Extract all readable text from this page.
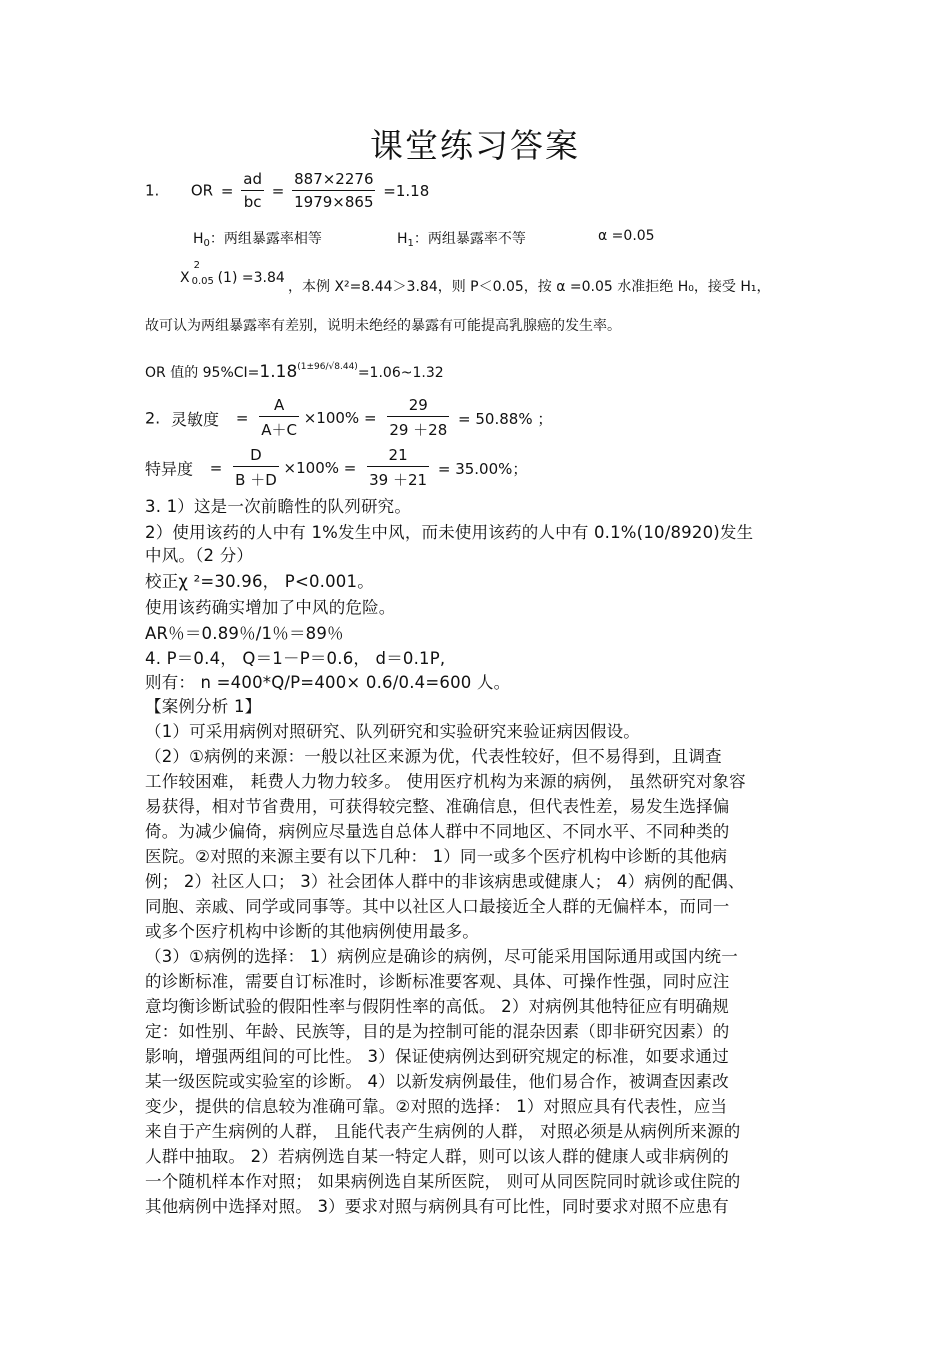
课堂练习答案
1. OR = $\frac{ad}{bc} = \frac{887\times 2276}{1979\times 865} =1.18$
$H_0$：两组暴露率相等	$H_1$：两组暴露率不等	α =0.05
X
2
0.05 (1) =3.84
，本例 X²=8.44＞3.84，则 P＜0.05，按 α =0.05 水准拒绝 H₀，接受 H₁，
故可认为两组暴露率有差别，说明未绝经的暴露有可能提高乳腺癌的发生率。
OR 值的 $95\%CI=1.18^{(1\pm 96/√8.44)}=1.06\sim 1.32$
2. 灵敏度 = $\frac{A}{A+C} \times 100\% = \frac{29}{29 +28} = 50.88\%$ ；
特异度 = $\frac{D}{B +D} \times 100\% = \frac{21}{39 +21} = 35.00\%$；
3. 1）这是一次前瞻性的队列研究。
2）使用该药的人中有 1%发生中风，而未使用该药的人中有 0.1%(10/8920)发生
中风。（2 分）
校正χ ²=30.96， P<0.001。
使用该药确实增加了中风的危险。
AR％＝0.89％/1％＝89％
4. P＝0.4， Q＝1－P＝0.6， d＝0.1P,
则有： n =400*Q/P=400× 0.6/0.4=600 人。
【案例分析 1】
（1）可采用病例对照研究、队列研究和实验研究来验证病因假设。
（2）①病例的来源：一般以社区来源为优，代表性较好，但不易得到，且调查
工作较困难， 耗费人力物力较多。 使用医疗机构为来源的病例， 虽然研究对象容
易获得，相对节省费用，可获得较完整、准确信息，但代表性差，易发生选择偏
倚。为减少偏倚，病例应尽量选自总体人群中不同地区、不同水平、不同种类的
医院。②对照的来源主要有以下几种： 1）同一或多个医疗机构中诊断的其他病
例； 2）社区人口； 3）社会团体人群中的非该病患或健康人； 4）病例的配偶、
同胞、亲戚、同学或同事等。其中以社区人口最接近全人群的无偏样本，而同一
或多个医疗机构中诊断的其他病例使用最多。
（3）①病例的选择： 1）病例应是确诊的病例，尽可能采用国际通用或国内统一
的诊断标准，需要自订标准时，诊断标准要客观、具体、可操作性强，同时应注
意均衡诊断试验的假阳性率与假阴性率的高低。 2）对病例其他特征应有明确规
定：如性别、年龄、民族等，目的是为控制可能的混杂因素（即非研究因素）的
影响，增强两组间的可比性。 3）保证使病例达到研究规定的标准，如要求通过
某一级医院或实验室的诊断。 4）以新发病例最佳，他们易合作，被调查因素改
变少，提供的信息较为准确可靠。②对照的选择： 1）对照应具有代表性，应当
来自于产生病例的人群， 且能代表产生病例的人群， 对照必须是从病例所来源的
人群中抽取。 2）若病例选自某一特定人群，则可以该人群的健康人或非病例的
一个随机样本作对照； 如果病例选自某所医院， 则可从同医院同时就诊或住院的
其他病例中选择对照。 3）要求对照与病例具有可比性，同时要求对照不应患有
